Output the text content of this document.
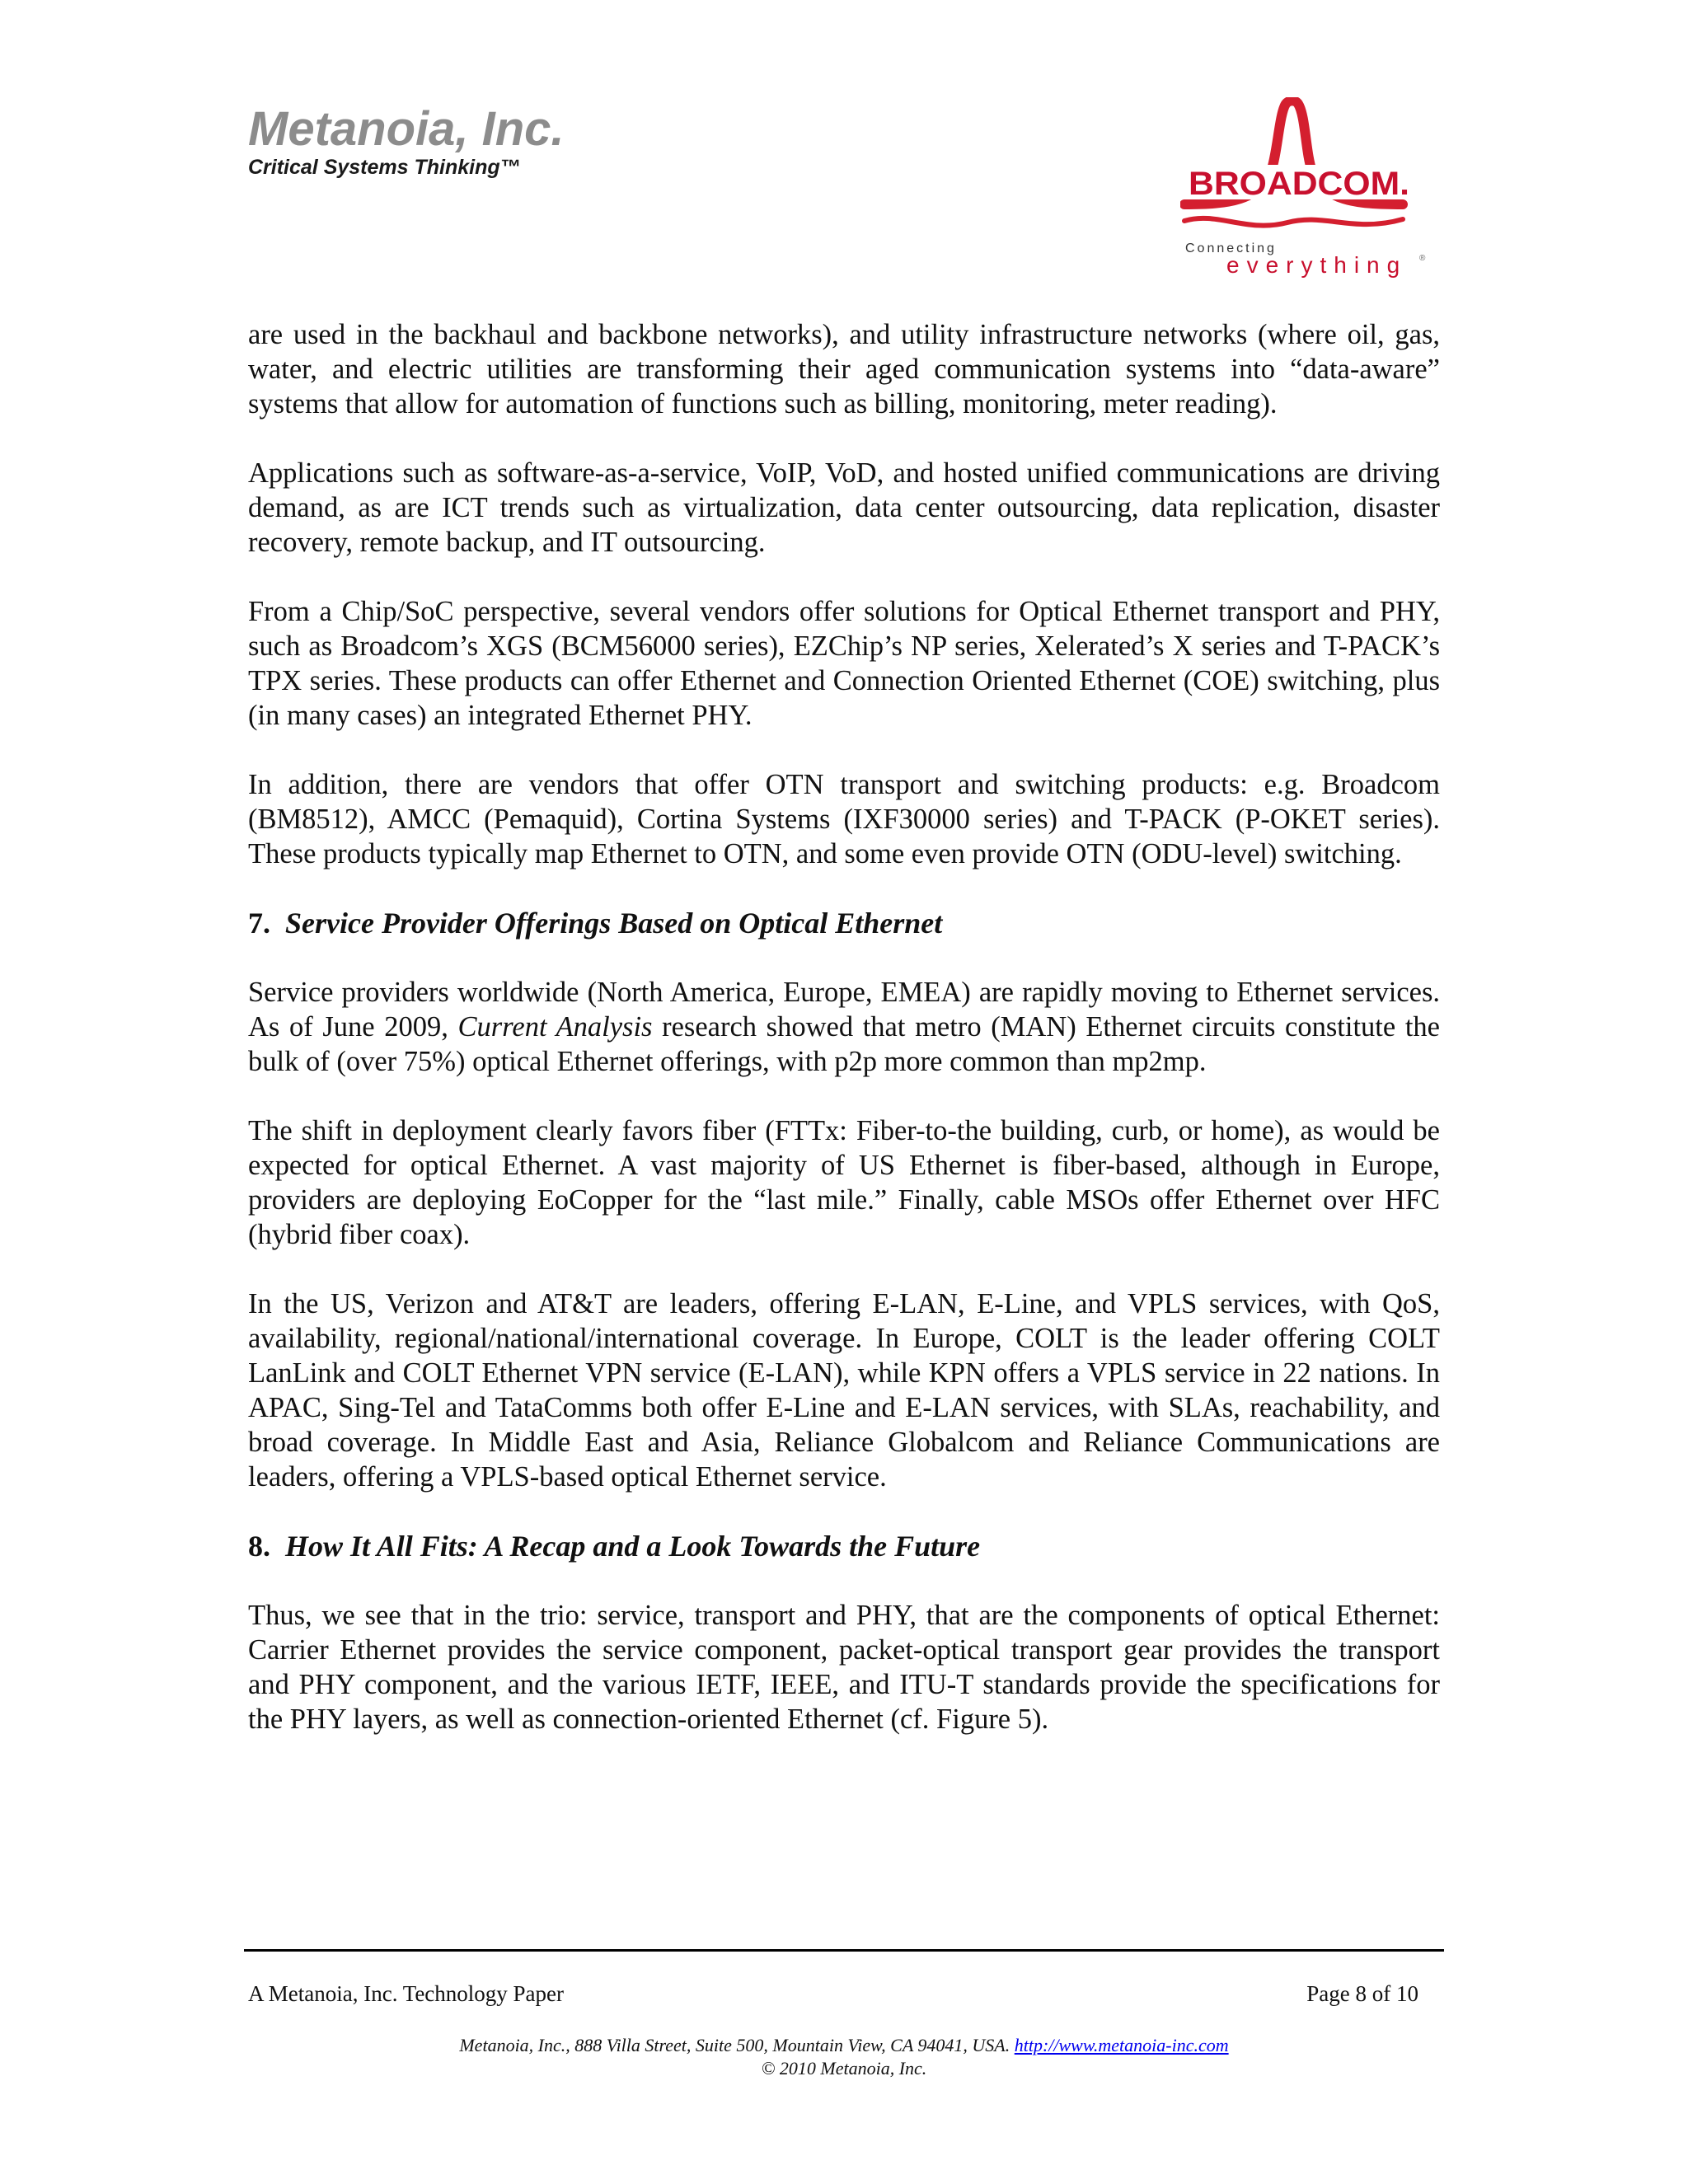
Metanoia, Inc.
Critical Systems Thinking™	BROADCOM.
Connecting
everything ®

are used in the backhaul and backbone networks), and utility infrastructure networks (where oil, gas, water, and electric utilities are transforming their aged communication systems into “data-aware” systems that allow for automation of functions such as billing, monitoring, meter reading).

Applications such as software-as-a-service, VoIP, VoD, and hosted unified communications are driving demand, as are ICT trends such as virtualization, data center outsourcing, data replication, disaster recovery, remote backup, and IT outsourcing.

From a Chip/SoC perspective, several vendors offer solutions for Optical Ethernet transport and PHY, such as Broadcom’s XGS (BCM56000 series), EZChip’s NP series, Xelerated’s X series and T-PACK’s TPX series. These products can offer Ethernet and Connection Oriented Ethernet (COE) switching, plus (in many cases) an integrated Ethernet PHY.

In addition, there are vendors that offer OTN transport and switching products: e.g. Broadcom (BM8512), AMCC (Pemaquid), Cortina Systems (IXF30000 series) and T-PACK (P-OKET series). These products typically map Ethernet to OTN, and some even provide OTN (ODU-level) switching.

7. Service Provider Offerings Based on Optical Ethernet

Service providers worldwide (North America, Europe, EMEA) are rapidly moving to Ethernet services. As of June 2009, Current Analysis research showed that metro (MAN) Ethernet circuits constitute the bulk of (over 75%) optical Ethernet offerings, with p2p more common than mp2mp.

The shift in deployment clearly favors fiber (FTTx: Fiber-to-the building, curb, or home), as would be expected for optical Ethernet. A vast majority of US Ethernet is fiber-based, although in Europe, providers are deploying EoCopper for the “last mile.” Finally, cable MSOs offer Ethernet over HFC (hybrid fiber coax).

In the US, Verizon and AT&T are leaders, offering E-LAN, E-Line, and VPLS services, with QoS, availability, regional/national/international coverage. In Europe, COLT is the leader offering COLT LanLink and COLT Ethernet VPN service (E-LAN), while KPN offers a VPLS service in 22 nations. In APAC, Sing-Tel and TataComms both offer E-Line and E-LAN services, with SLAs, reachability, and broad coverage. In Middle East and Asia, Reliance Globalcom and Reliance Communications are leaders, offering a VPLS-based optical Ethernet service.

8. How It All Fits: A Recap and a Look Towards the Future

Thus, we see that in the trio: service, transport and PHY, that are the components of optical Ethernet: Carrier Ethernet provides the service component, packet-optical transport gear provides the transport and PHY component, and the various IETF, IEEE, and ITU-T standards provide the specifications for the PHY layers, as well as connection-oriented Ethernet (cf. Figure 5).

A Metanoia, Inc. Technology Paper	Page 8 of 10
Metanoia, Inc., 888 Villa Street, Suite 500, Mountain View, CA 94041, USA. http://www.metanoia-inc.com
© 2010 Metanoia, Inc.
